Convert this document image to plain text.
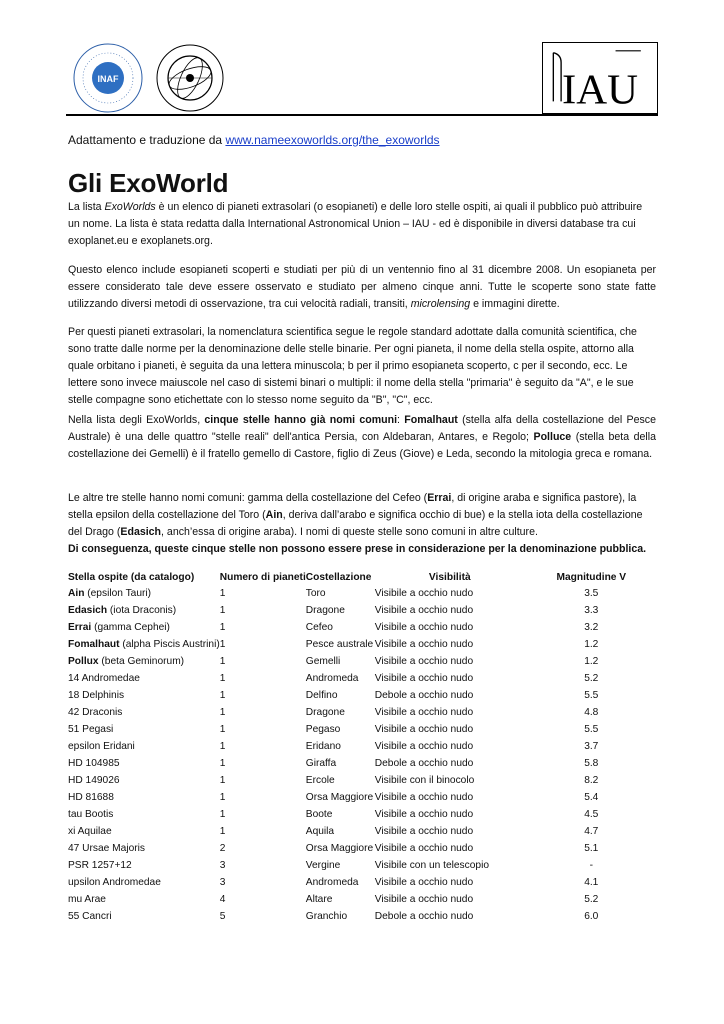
INAF	IAU
Adattamento e traduzione da www.nameexoworlds.org/the_exoworlds
Gli ExoWorld

La lista ExoWorlds è un elenco di pianeti extrasolari (o esopianeti) e delle loro stelle ospiti, ai quali il pubblico può attribuire un nome. La lista è stata redatta dalla International Astronomical Union – IAU - ed è disponibile in diversi database tra cui exoplanet.eu e exoplanets.org.

Questo elenco include esopianeti scoperti e studiati per più di un ventennio fino al 31 dicembre 2008. Un esopianeta per essere considerato tale deve essere osservato e studiato per almeno cinque anni. Tutte le scoperte sono state fatte utilizzando diversi metodi di osservazione, tra cui velocità radiali, transiti, microlensing e immagini dirette.

Per questi pianeti extrasolari, la nomenclatura scientifica segue le regole standard adottate dalla comunità scientifica, che sono tratte dalle norme per la denominazione delle stelle binarie. Per ogni pianeta, il nome della stella ospite, attorno alla quale orbitano i pianeti, è seguita da una lettera minuscola; b per il primo esopianeta scoperto, c per il secondo, ecc. Le lettere sono invece maiuscole nel caso di sistemi binari o multipli: il nome della stella "primaria" è seguito da "A", e le sue stelle compagne sono etichettate con lo stesso nome seguito da "B", "C", ecc.

Nella lista degli ExoWorlds, cinque stelle hanno già nomi comuni: Fomalhaut (stella alfa della costellazione del Pesce Australe) è una delle quattro "stelle reali" dell'antica Persia, con Aldebaran, Antares, e Regolo; Polluce (stella beta della costellazione dei Gemelli) è il fratello gemello di Castore, figlio di Zeus (Giove) e Leda, secondo la mitologia greca e romana.

Le altre tre stelle hanno nomi comuni: gamma della costellazione del Cefeo (Errai, di origine araba e significa pastore), la stella epsilon della costellazione del Toro (Ain, deriva dall’arabo e significa occhio di bue) e la stella iota della costellazione del Drago (Edasich, anch’essa di origine araba). I nomi di queste stelle sono comuni in altre culture.
Di conseguenza, queste cinque stelle non possono essere prese in considerazione per la denominazione pubblica.

Stella ospite (da catalogo)	Numero di pianeti	Costellazione	Visibilità	Magnitudine V
Ain (epsilon Tauri)	1	Toro	Visibile a occhio nudo	3.5
Edasich (iota Draconis)	1	Dragone	Visibile a occhio nudo	3.3
Errai (gamma Cephei)	1	Cefeo	Visibile a occhio nudo	3.2
Fomalhaut (alpha Piscis Austrini)	1	Pesce australe	Visibile a occhio nudo	1.2
Pollux (beta Geminorum)	1	Gemelli	Visibile a occhio nudo	1.2
14 Andromedae	1	Andromeda	Visibile a occhio nudo	5.2
18 Delphinis	1	Delfino	Debole a occhio nudo	5.5
42 Draconis	1	Dragone	Visibile a occhio nudo	4.8
51 Pegasi	1	Pegaso	Visibile a occhio nudo	5.5
epsilon Eridani	1	Eridano	Visibile a occhio nudo	3.7
HD 104985	1	Giraffa	Debole a occhio nudo	5.8
HD 149026	1	Ercole	Visibile con il binocolo	8.2
HD 81688	1	Orsa Maggiore	Visibile a occhio nudo	5.4
tau Bootis	1	Boote	Visibile a occhio nudo	4.5
xi Aquilae	1	Aquila	Visibile a occhio nudo	4.7
47 Ursae Majoris	2	Orsa Maggiore	Visibile a occhio nudo	5.1
PSR 1257+12	3	Vergine	Visibile con un telescopio	-
upsilon Andromedae	3	Andromeda	Visibile a occhio nudo	4.1
mu Arae	4	Altare	Visibile a occhio nudo	5.2
55 Cancri	5	Granchio	Debole a occhio nudo	6.0
